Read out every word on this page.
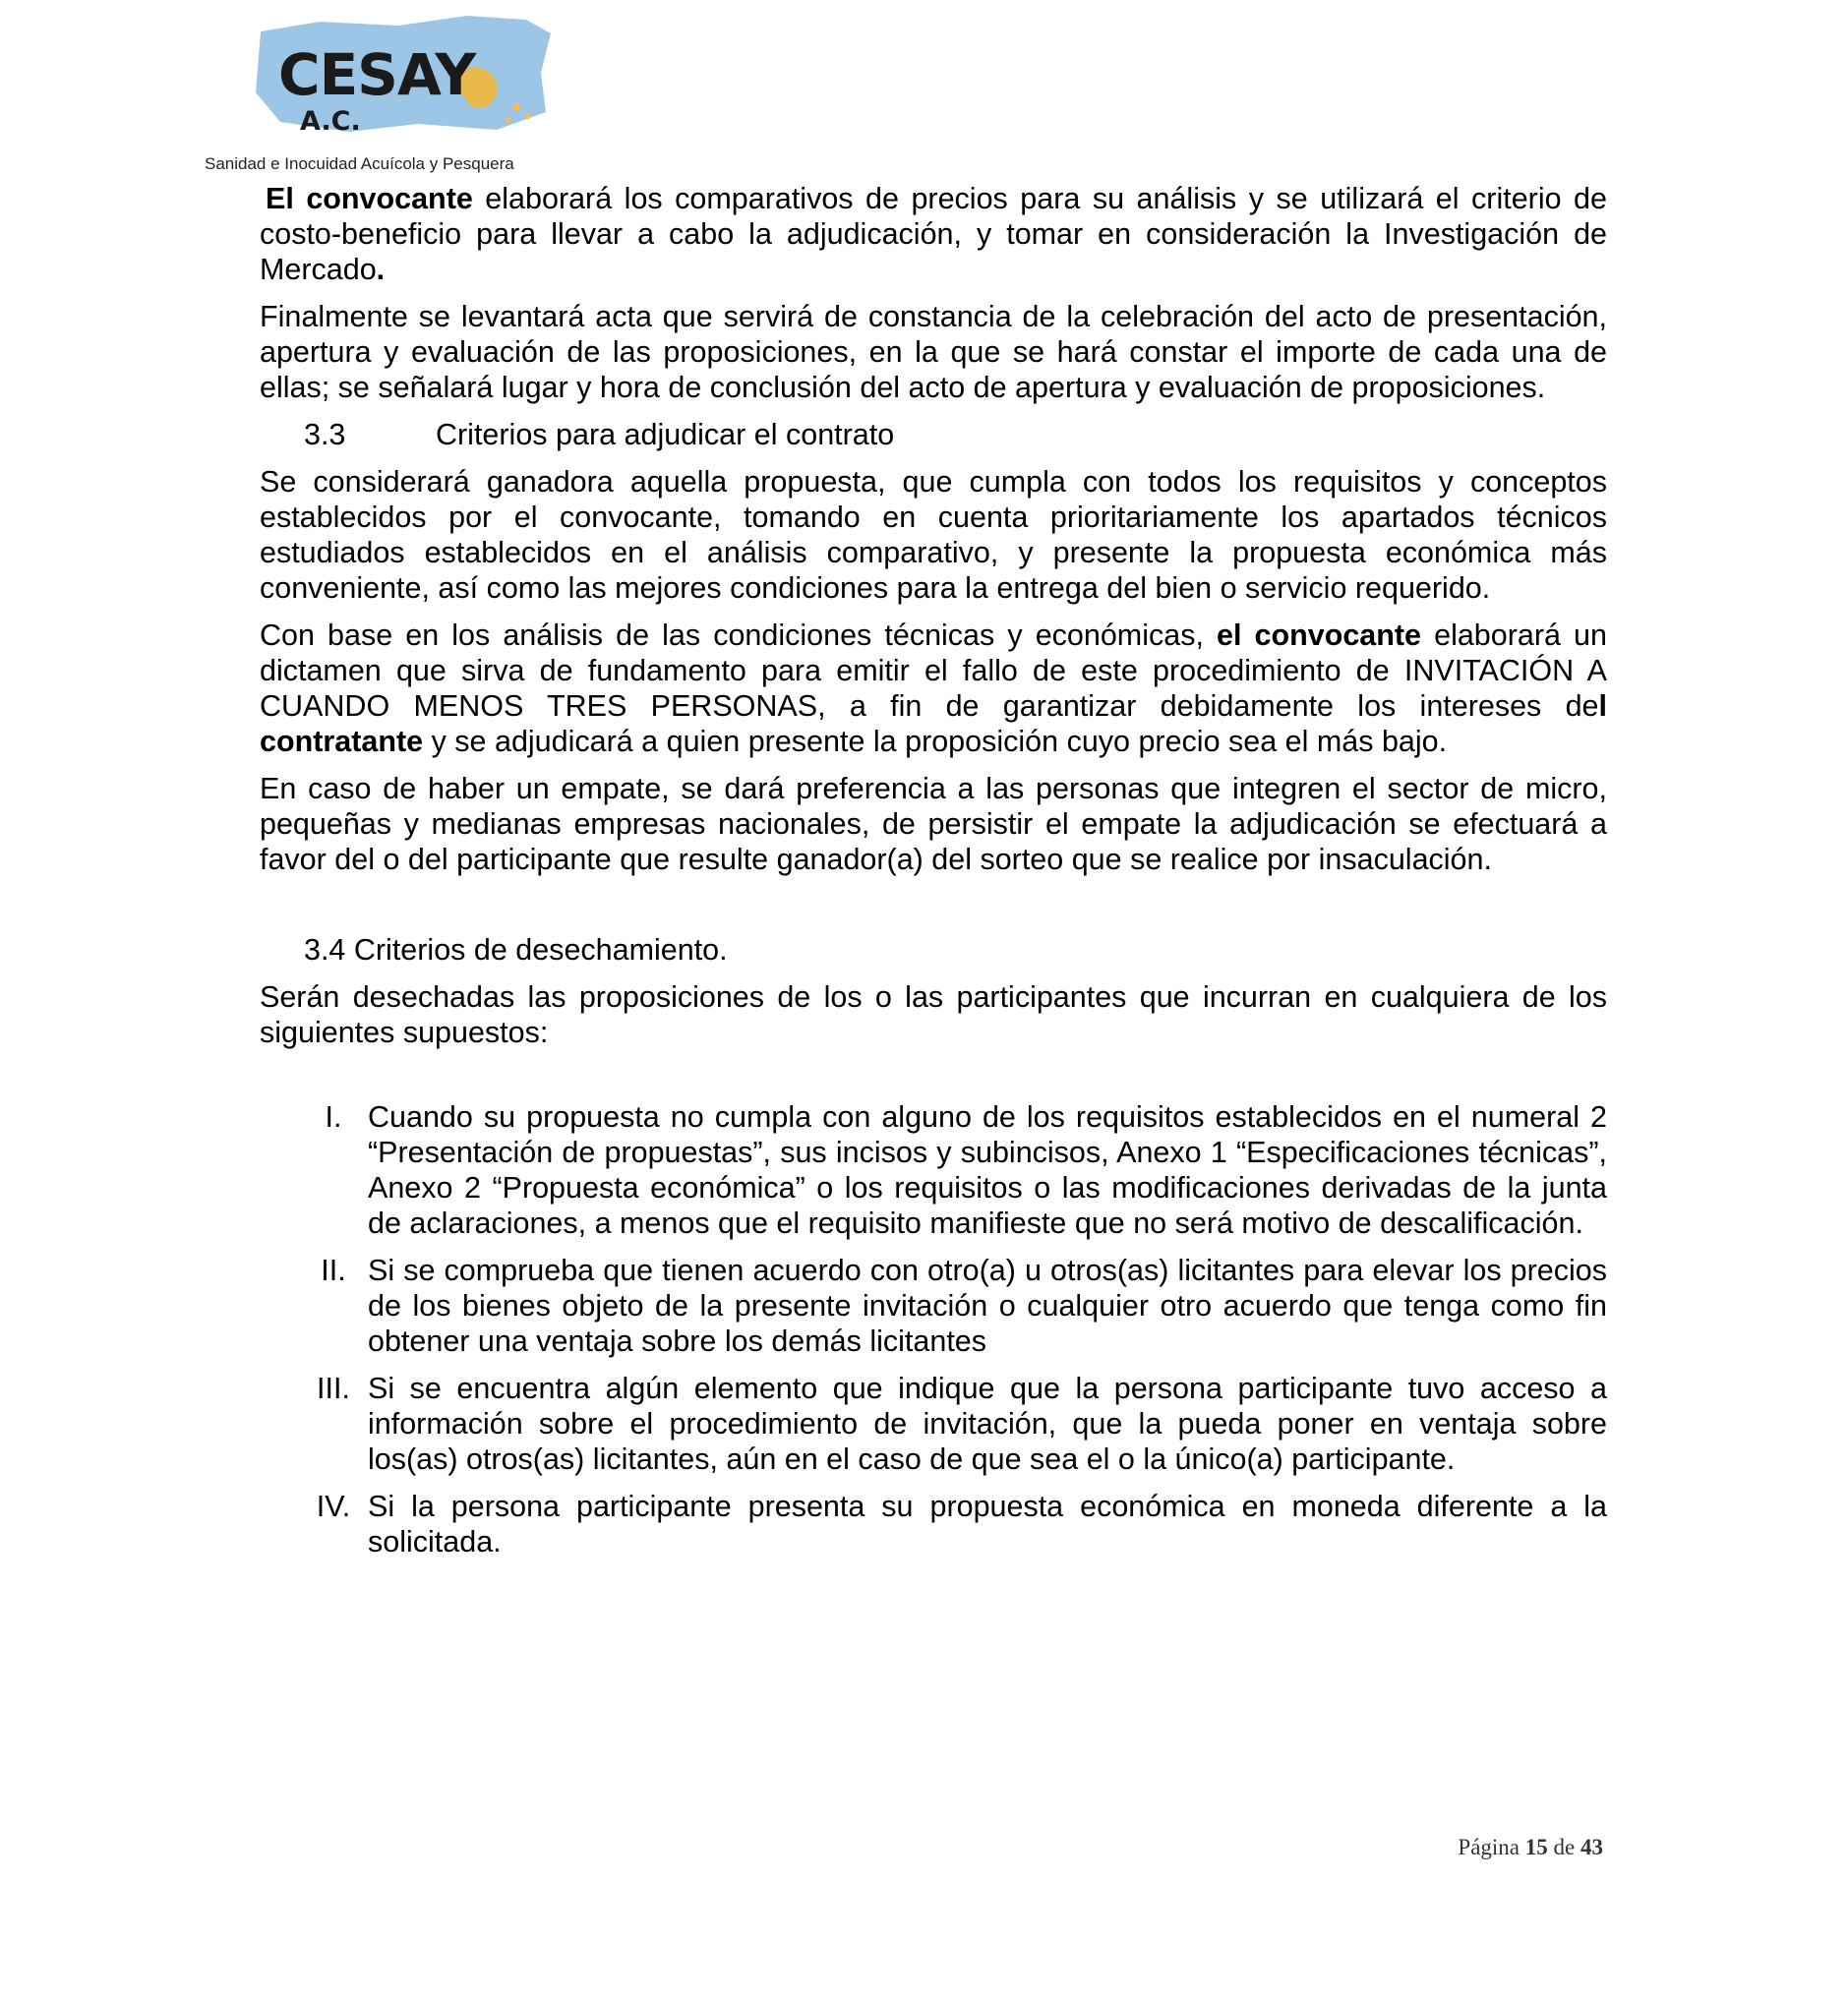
CESAY
A.C.
Sanidad e Inocuidad Acuícola y Pesquera

El convocante elaborará los comparativos de precios para su análisis y se utilizará el criterio de costo-beneficio para llevar a cabo la adjudicación, y tomar en consideración la Investigación de Mercado.

Finalmente se levantará acta que servirá de constancia de la celebración del acto de presentación, apertura y evaluación de las proposiciones, en la que se hará constar el importe de cada una de ellas; se señalará lugar y hora de conclusión del acto de apertura y evaluación de proposiciones.

3.3	Criterios para adjudicar el contrato

Se considerará ganadora aquella propuesta, que cumpla con todos los requisitos y conceptos establecidos por el convocante, tomando en cuenta prioritariamente los apartados técnicos estudiados establecidos en el análisis comparativo, y presente la propuesta económica más conveniente, así como las mejores condiciones para la entrega del bien o servicio requerido.

Con base en los análisis de las condiciones técnicas y económicas, el convocante elaborará un dictamen que sirva de fundamento para emitir el fallo de este procedimiento de INVITACIÓN A CUANDO MENOS TRES PERSONAS, a fin de garantizar debidamente los intereses del contratante y se adjudicará a quien presente la proposición cuyo precio sea el más bajo.

En caso de haber un empate, se dará preferencia a las personas que integren el sector de micro, pequeñas y medianas empresas nacionales, de persistir el empate la adjudicación se efectuará a favor del o del participante que resulte ganador(a) del sorteo que se realice por insaculación.

3.4 Criterios de desechamiento.

Serán desechadas las proposiciones de los o las participantes que incurran en cualquiera de los siguientes supuestos:

I. Cuando su propuesta no cumpla con alguno de los requisitos establecidos en el numeral 2 “Presentación de propuestas”, sus incisos y subincisos, Anexo 1 “Especificaciones técnicas”, Anexo 2 “Propuesta económica” o los requisitos o las modificaciones derivadas de la junta de aclaraciones, a menos que el requisito manifieste que no será motivo de descalificación.
II. Si se comprueba que tienen acuerdo con otro(a) u otros(as) licitantes para elevar los precios de los bienes objeto de la presente invitación o cualquier otro acuerdo que tenga como fin obtener una ventaja sobre los demás licitantes
III. Si se encuentra algún elemento que indique que la persona participante tuvo acceso a información sobre el procedimiento de invitación, que la pueda poner en ventaja sobre los(as) otros(as) licitantes, aún en el caso de que sea el o la único(a) participante.
IV. Si la persona participante presenta su propuesta económica en moneda diferente a la solicitada.
Página 15 de 43
